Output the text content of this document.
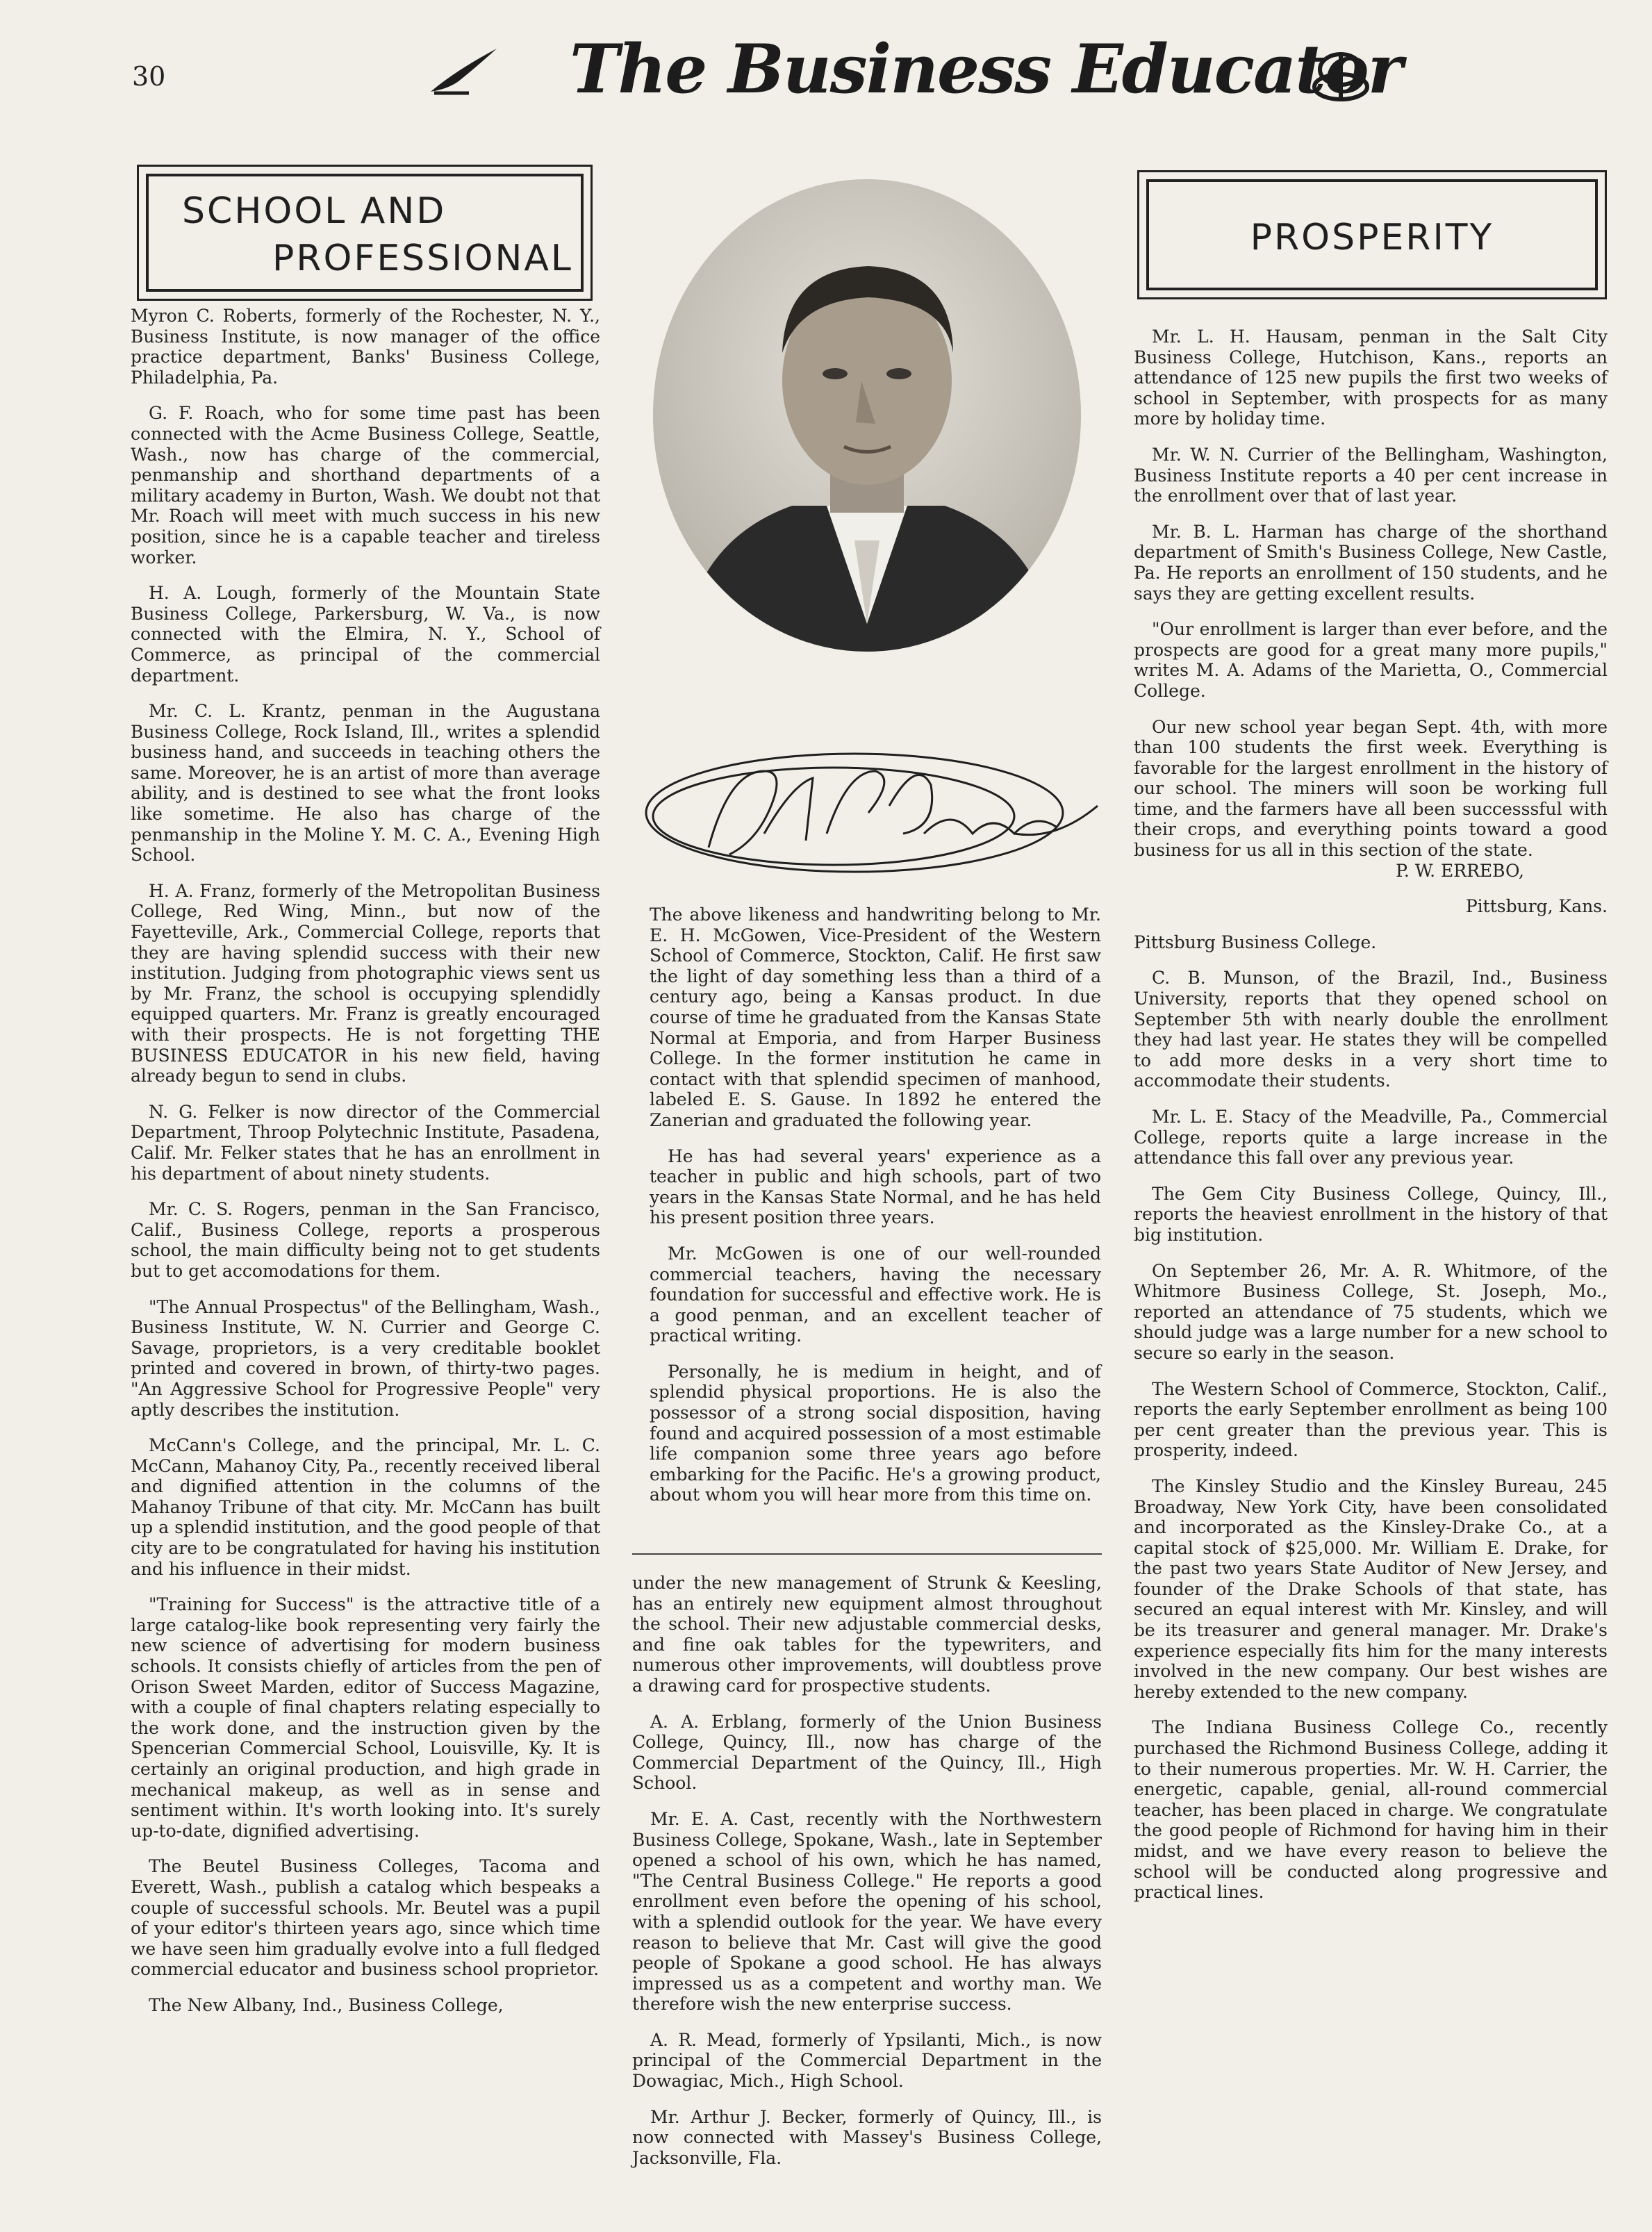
30	The Business Educator
SCHOOL AND
PROFESSIONAL	PROSPERITY

Myron C. Roberts, formerly of the Rochester, N. Y., Business Institute, is now manager of the office practice department, Banks' Business College, Philadelphia, Pa.

G. F. Roach, who for some time past has been connected with the Acme Business College, Seattle, Wash., now has charge of the commercial, penmanship and shorthand departments of a military academy in Burton, Wash. We doubt not that Mr. Roach will meet with much success in his new position, since he is a capable teacher and tireless worker.

H. A. Lough, formerly of the Mountain State Business College, Parkersburg, W. Va., is now connected with the Elmira, N. Y., School of Commerce, as principal of the commercial department.

Mr. C. L. Krantz, penman in the Augustana Business College, Rock Island, Ill., writes a splendid business hand, and succeeds in teaching others the same. Moreover, he is an artist of more than average ability, and is destined to see what the front looks like sometime. He also has charge of the penmanship in the Moline Y. M. C. A., Evening High School.

H. A. Franz, formerly of the Metropolitan Business College, Red Wing, Minn., but now of the Fayetteville, Ark., Commercial College, reports that they are having splendid success with their new institution. Judging from photographic views sent us by Mr. Franz, the school is occupying splendidly equipped quarters. Mr. Franz is greatly encouraged with their prospects. He is not forgetting THE BUSINESS EDUCATOR in his new field, having already begun to send in clubs.

N. G. Felker is now director of the Commercial Department, Throop Polytechnic Institute, Pasadena, Calif. Mr. Felker states that he has an enrollment in his department of about ninety students.

Mr. C. S. Rogers, penman in the San Francisco, Calif., Business College, reports a prosperous school, the main difficulty being not to get students but to get accomodations for them.

"The Annual Prospectus" of the Bellingham, Wash., Business Institute, W. N. Currier and George C. Savage, proprietors, is a very creditable booklet printed and covered in brown, of thirty-two pages. "An Aggressive School for Progressive People" very aptly describes the institution.

McCann's College, and the principal, Mr. L. C. McCann, Mahanoy City, Pa., recently received liberal and dignified attention in the columns of the Mahanoy Tribune of that city. Mr. McCann has built up a splendid institution, and the good people of that city are to be congratulated for having his institution and his influence in their midst.

"Training for Success" is the attractive title of a large catalog-like book representing very fairly the new science of advertising for modern business schools. It consists chiefly of articles from the pen of Orison Sweet Marden, editor of Success Magazine, with a couple of final chapters relating especially to the work done, and the instruction given by the Spencerian Commercial School, Louisville, Ky. It is certainly an original production, and high grade in mechanical makeup, as well as in sense and sentiment within. It's worth looking into. It's surely up-to-date, dignified advertising.

The Beutel Business Colleges, Tacoma and Everett, Wash., publish a catalog which bespeaks a couple of successful schools. Mr. Beutel was a pupil of your editor's thirteen years ago, since which time we have seen him gradually evolve into a full fledged commercial educator and business school proprietor.

The New Albany, Ind., Business College,

The above likeness and handwriting belong to Mr. E. H. McGowen, Vice-President of the Western School of Commerce, Stockton, Calif. He first saw the light of day something less than a third of a century ago, being a Kansas product. In due course of time he graduated from the Kansas State Normal at Emporia, and from Harper Business College. In the former institution he came in contact with that splendid specimen of manhood, labeled E. S. Gause. In 1892 he entered the Zanerian and graduated the following year.

He has had several years' experience as a teacher in public and high schools, part of two years in the Kansas State Normal, and he has held his present position three years.

Mr. McGowen is one of our well-rounded commercial teachers, having the necessary foundation for successful and effective work. He is a good penman, and an excellent teacher of practical writing.

Personally, he is medium in height, and of splendid physical proportions. He is also the possessor of a strong social disposition, having found and acquired possession of a most estimable life companion some three years ago before embarking for the Pacific. He's a growing product, about whom you will hear more from this time on.

under the new management of Strunk & Keesling, has an entirely new equipment almost throughout the school. Their new adjustable commercial desks, and fine oak tables for the typewriters, and numerous other improvements, will doubtless prove a drawing card for prospective students.

A. A. Erblang, formerly of the Union Business College, Quincy, Ill., now has charge of the Commercial Department of the Quincy, Ill., High School.

Mr. E. A. Cast, recently with the Northwestern Business College, Spokane, Wash., late in September opened a school of his own, which he has named, "The Central Business College." He reports a good enrollment even before the opening of his school, with a splendid outlook for the year. We have every reason to believe that Mr. Cast will give the good people of Spokane a good school. He has always impressed us as a competent and worthy man. We therefore wish the new enterprise success.

A. R. Mead, formerly of Ypsilanti, Mich., is now principal of the Commercial Department in the Dowagiac, Mich., High School.

Mr. Arthur J. Becker, formerly of Quincy, Ill., is now connected with Massey's Business College, Jacksonville, Fla.

Mr. L. H. Hausam, penman in the Salt City Business College, Hutchison, Kans., reports an attendance of 125 new pupils the first two weeks of school in September, with prospects for as many more by holiday time.

Mr. W. N. Currier of the Bellingham, Washington, Business Institute reports a 40 per cent increase in the enrollment over that of last year.

Mr. B. L. Harman has charge of the shorthand department of Smith's Business College, New Castle, Pa. He reports an enrollment of 150 students, and he says they are getting excellent results.

"Our enrollment is larger than ever before, and the prospects are good for a great many more pupils," writes M. A. Adams of the Marietta, O., Commercial College.

Our new school year began Sept. 4th, with more than 100 students the first week. Everything is favorable for the largest enrollment in the history of our school. The miners will soon be working full time, and the farmers have all been successsful with their crops, and everything points toward a good business for us all in this section of the state.

P. W. ERREBO,

Pittsburg, Kans.

Pittsburg Business College.

C. B. Munson, of the Brazil, Ind., Business University, reports that they opened school on September 5th with nearly double the enrollment they had last year. He states they will be compelled to add more desks in a very short time to accommodate their students.

Mr. L. E. Stacy of the Meadville, Pa., Commercial College, reports quite a large increase in the attendance this fall over any previous year.

The Gem City Business College, Quincy, Ill., reports the heaviest enrollment in the history of that big institution.

On September 26, Mr. A. R. Whitmore, of the Whitmore Business College, St. Joseph, Mo., reported an attendance of 75 students, which we should judge was a large number for a new school to secure so early in the season.

The Western School of Commerce, Stockton, Calif., reports the early September enrollment as being 100 per cent greater than the previous year. This is prosperity, indeed.

The Kinsley Studio and the Kinsley Bureau, 245 Broadway, New York City, have been consolidated and incorporated as the Kinsley-Drake Co., at a capital stock of $25,000. Mr. William E. Drake, for the past two years State Auditor of New Jersey, and founder of the Drake Schools of that state, has secured an equal interest with Mr. Kinsley, and will be its treasurer and general manager. Mr. Drake's experience especially fits him for the many interests involved in the new company. Our best wishes are hereby extended to the new company.

The Indiana Business College Co., recently purchased the Richmond Business College, adding it to their numerous properties. Mr. W. H. Carrier, the energetic, capable, genial, all-round commercial teacher, has been placed in charge. We congratulate the good people of Richmond for having him in their midst, and we have every reason to believe the school will be conducted along progressive and practical lines.
